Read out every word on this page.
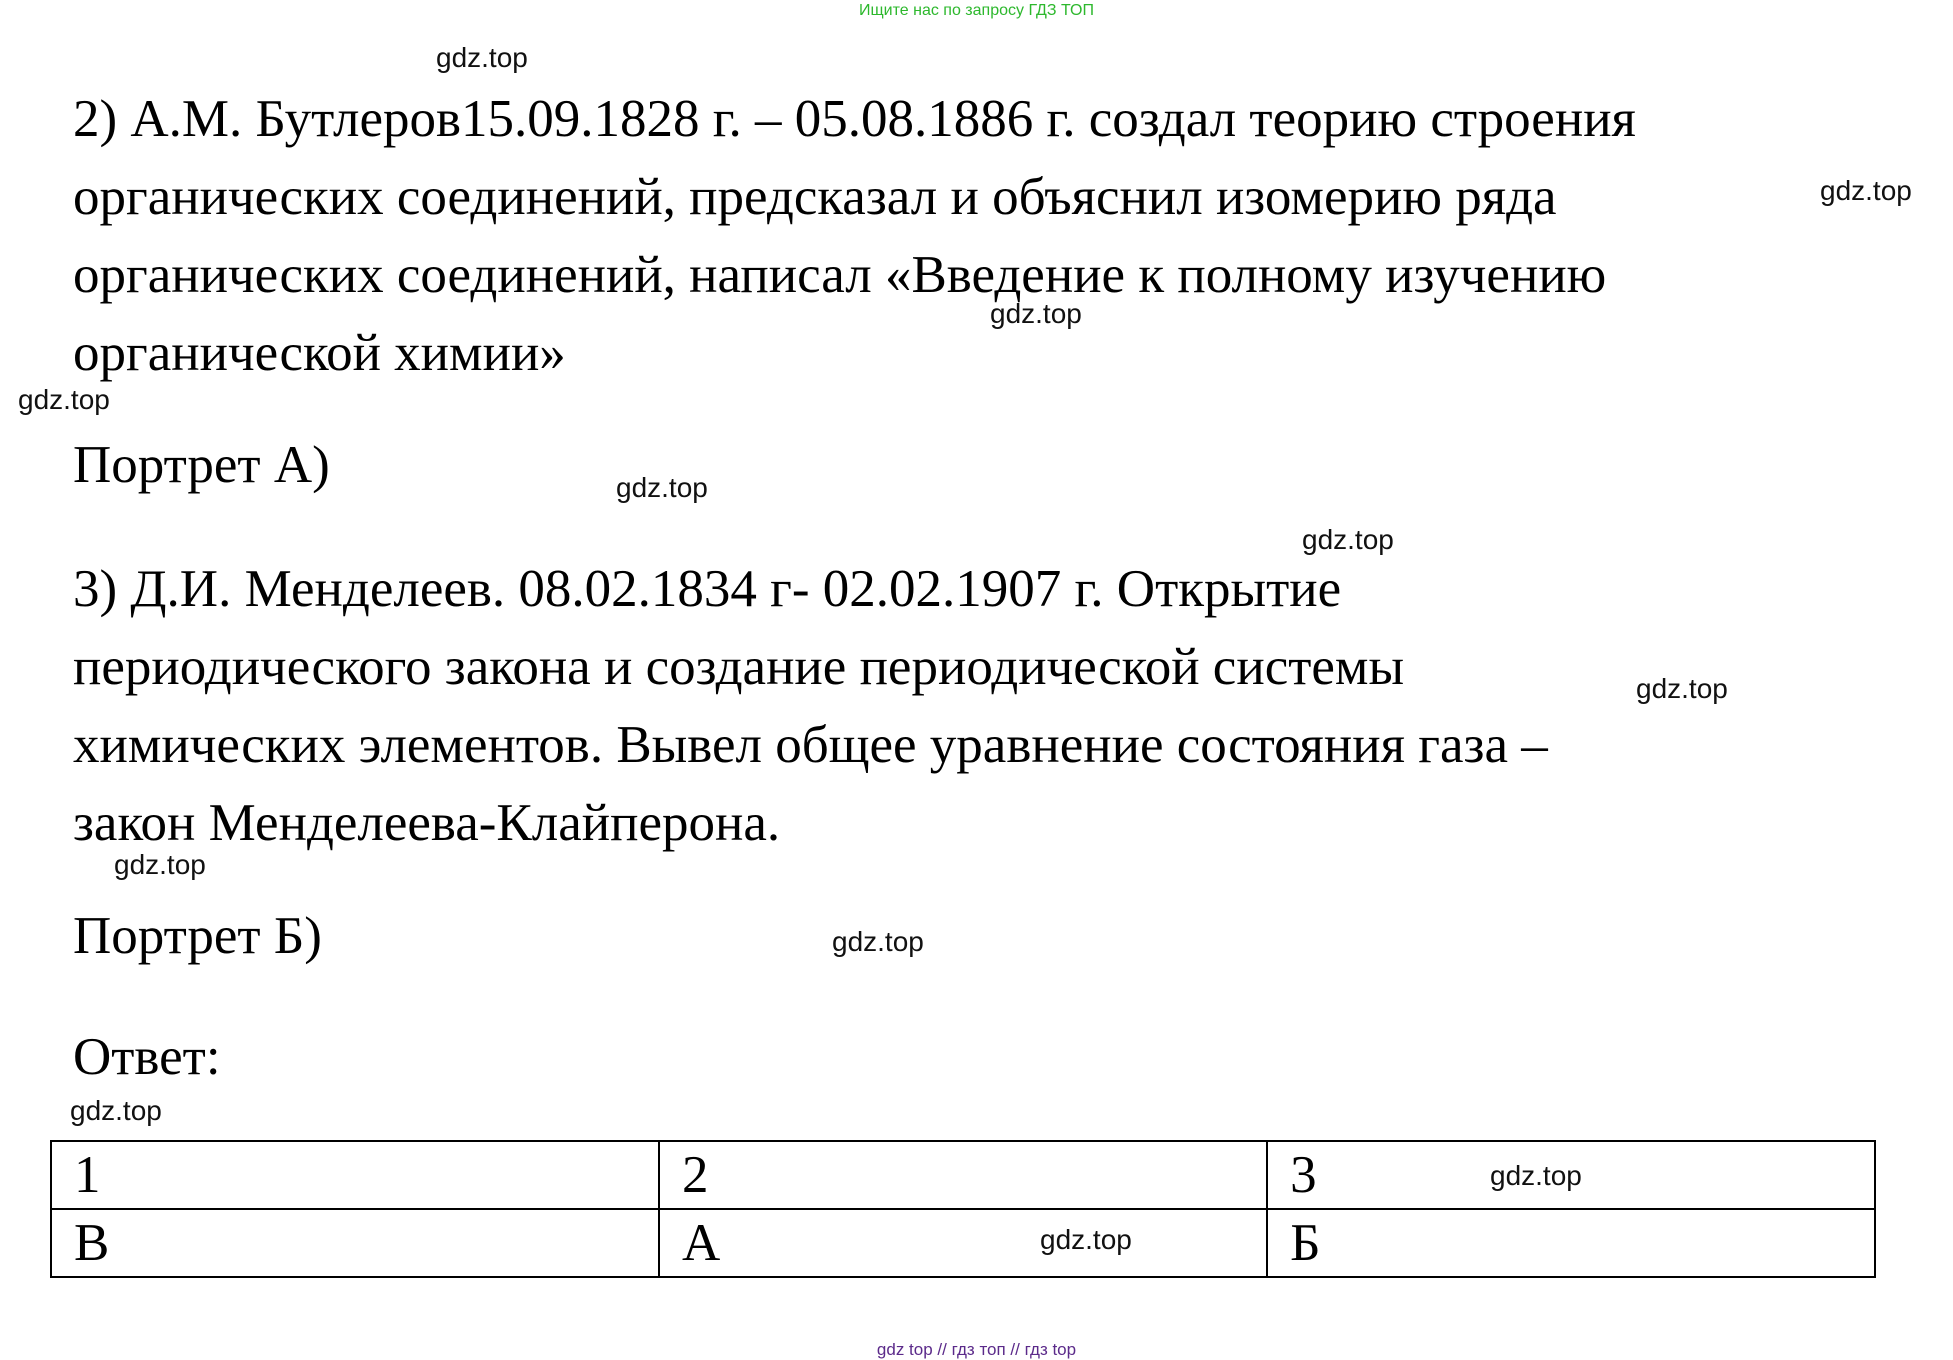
Ищите нас по запросу ГДЗ ТОП

2) А.М. Бутлеров15.09.1828 г. – 05.08.1886 г. создал теорию строения органических соединений, предсказал и объяснил изомерию ряда органических соединений, написал «Введение к полному изучению органической химии»

Портрет А)

3) Д.И. Менделеев. 08.02.1834 г- 02.02.1907 г. Открытие периодического закона и создание периодической системы химических элементов. Вывел общее уравнение состояния газа – закон Менделеева-Клайперона.

Портрет Б)

Ответ:

1	2	3
В	А	Б
gdz.top
gdz.top
gdz.top
gdz.top
gdz.top
gdz.top
gdz.top
gdz.top
gdz.top
gdz.top
gdz.top
gdz.top
gdz top // гдз топ // гдз top
